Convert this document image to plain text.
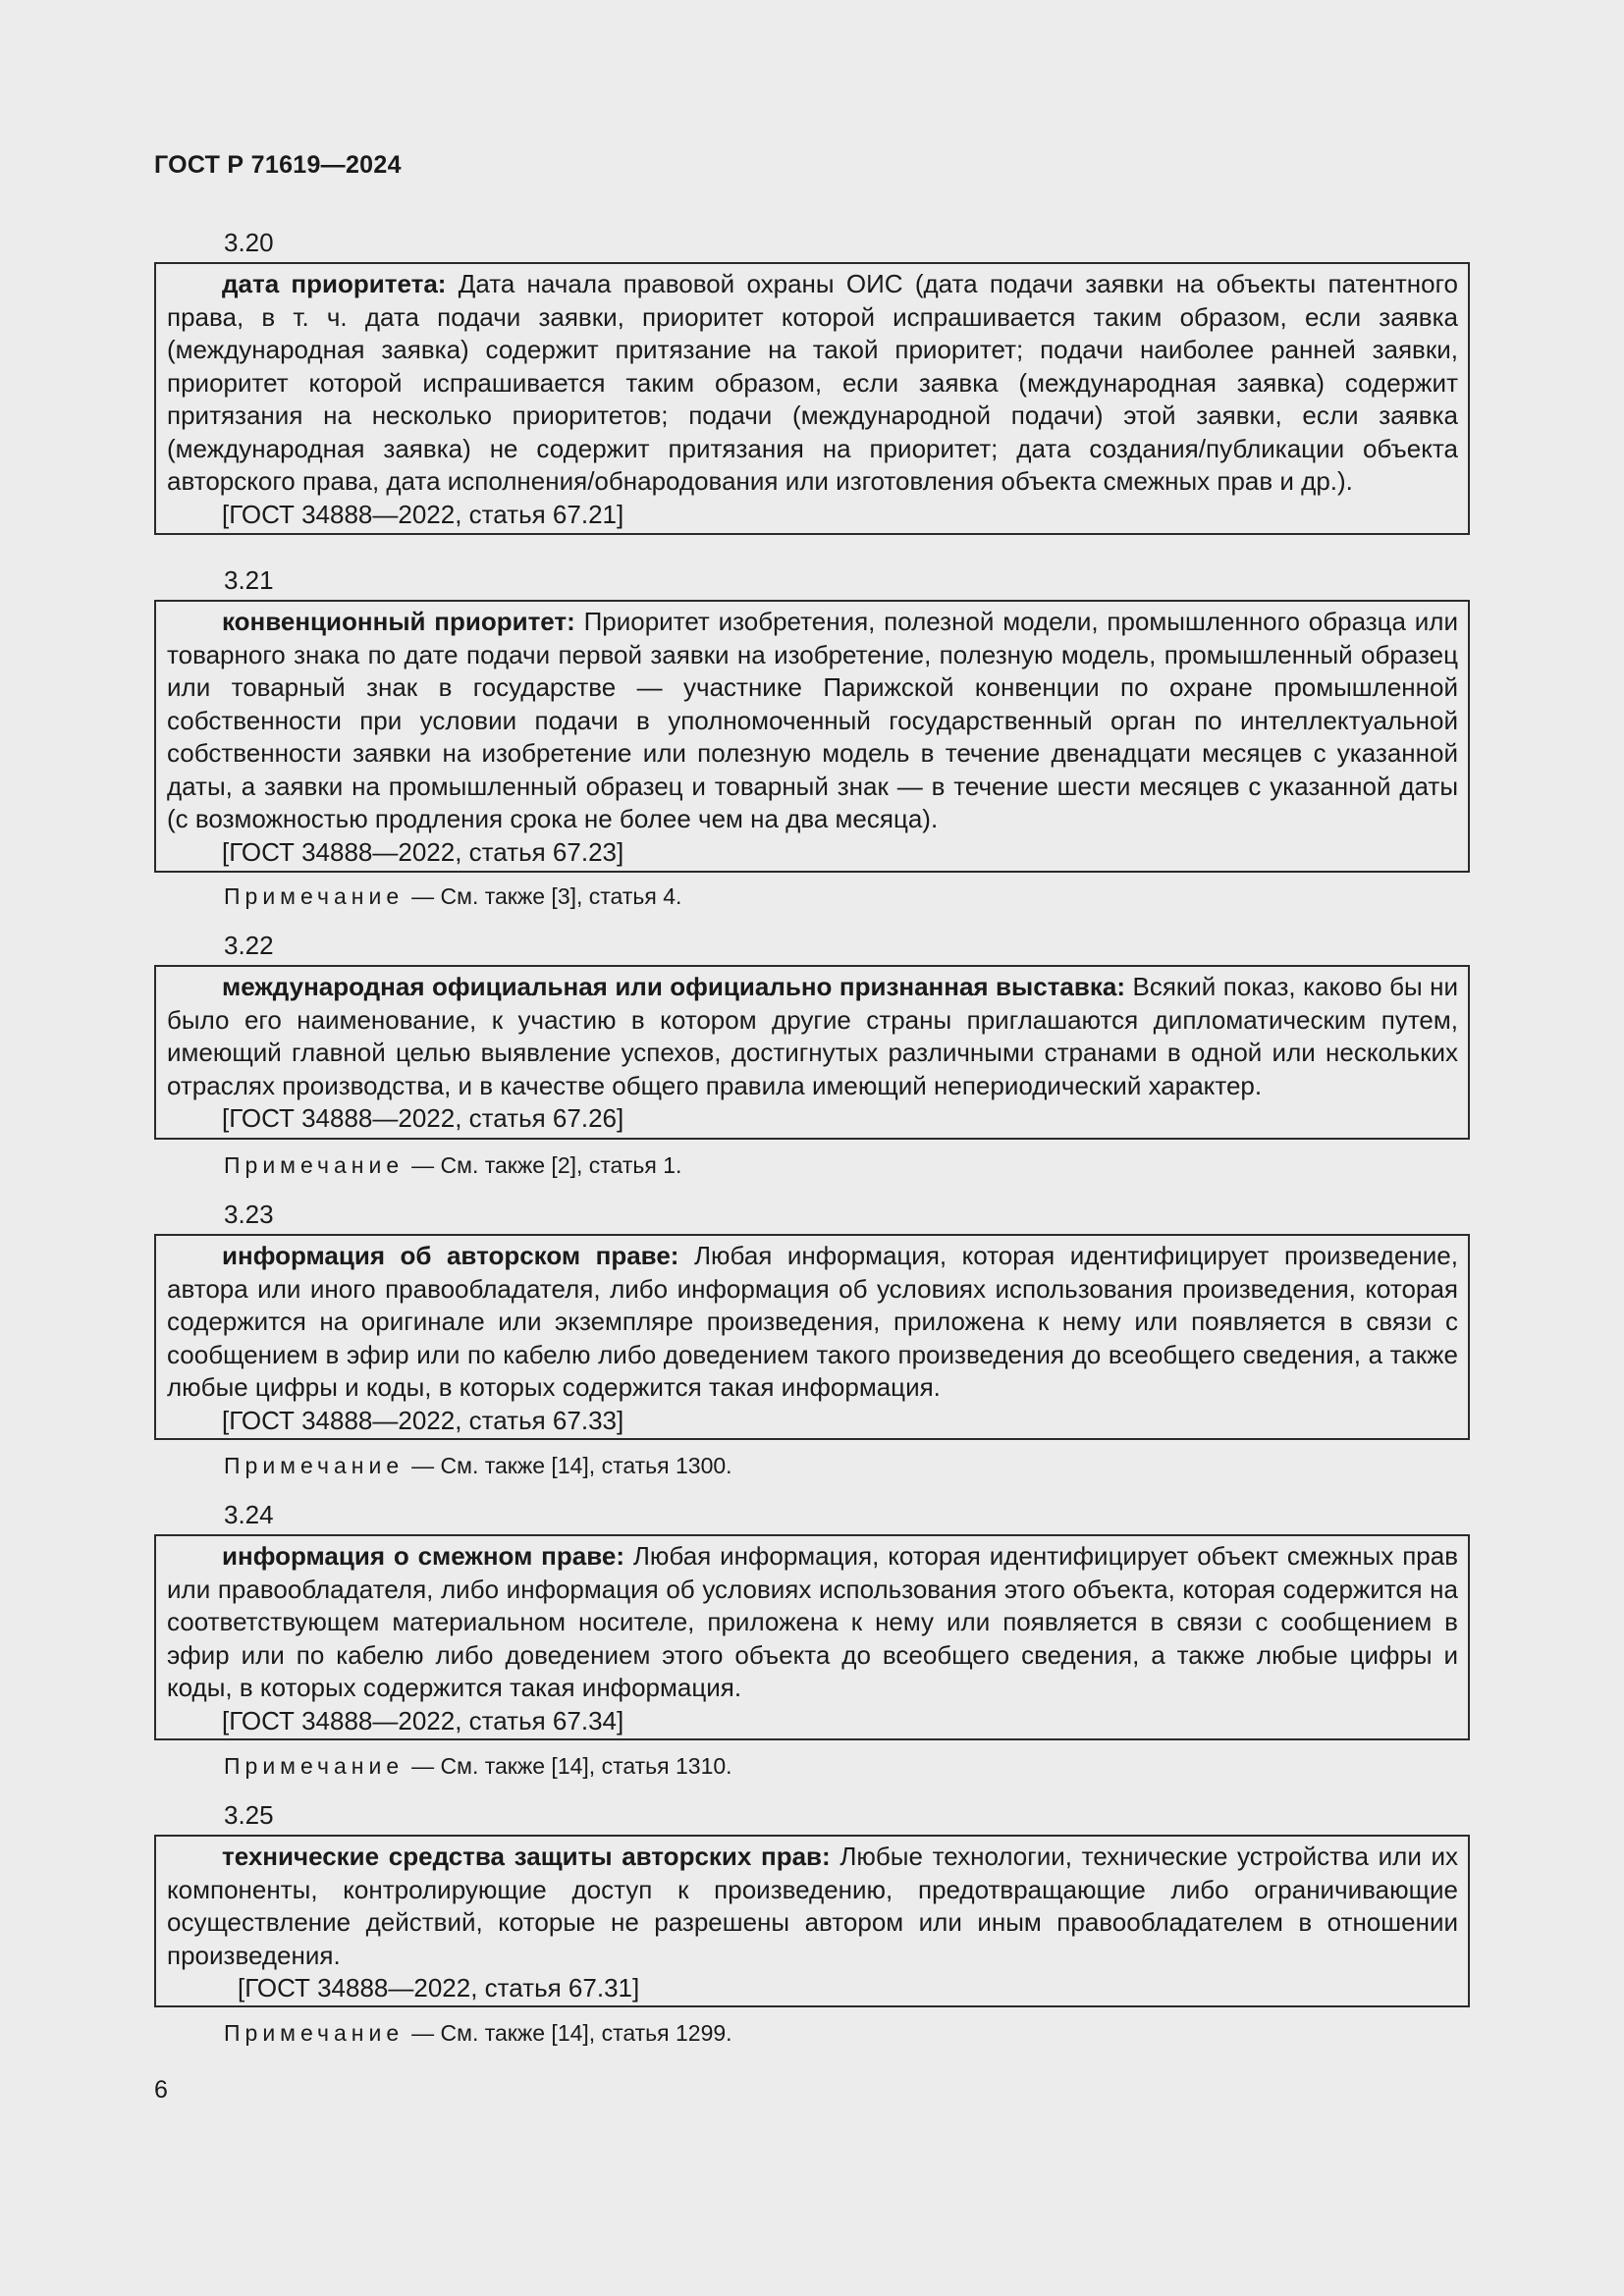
ГОСТ Р 71619—2024
3.20

дата приоритета: Дата начала правовой охраны ОИС (дата подачи заявки на объекты патентного права, в т. ч. дата подачи заявки, приоритет которой испрашивается таким образом, если заявка (международная заявка) содержит притязание на такой приоритет; подачи наиболее ранней заявки, приоритет которой испрашивается таким образом, если заявка (международная заявка) содержит притязания на несколько приоритетов; подачи (международной подачи) этой заявки, если заявка (международная заявка) не содержит притязания на приоритет; дата создания/публикации объекта авторского права, дата исполнения/обнародования или изготовления объекта смежных прав и др.).

[ГОСТ 34888—2022, статья 67.21]

3.21

конвенционный приоритет: Приоритет изобретения, полезной модели, промышленного образца или товарного знака по дате подачи первой заявки на изобретение, полезную модель, промышленный образец или товарный знак в государстве — участнике Парижской конвенции по охране промышленной собственности при условии подачи в уполномоченный государственный орган по интеллектуальной собственности заявки на изобретение или полезную модель в течение двенадцати месяцев с указанной даты, а заявки на промышленный образец и товарный знак — в течение шести месяцев с указанной даты (с возможностью продления срока не более чем на два месяца).

[ГОСТ 34888—2022, статья 67.23]

Примечание — См. также [3], статья 4.
3.22

международная официальная или официально признанная выставка: Всякий показ, каково бы ни было его наименование, к участию в котором другие страны приглашаются дипломатическим путем, имеющий главной целью выявление успехов, достигнутых различными странами в одной или нескольких отраслях производства, и в качестве общего правила имеющий непериодический характер.

[ГОСТ 34888—2022, статья 67.26]

Примечание — См. также [2], статья 1.
3.23

информация об авторском праве: Любая информация, которая идентифицирует произведение, автора или иного правообладателя, либо информация об условиях использования произведения, которая содержится на оригинале или экземпляре произведения, приложена к нему или появляется в связи с сообщением в эфир или по кабелю либо доведением такого произведения до всеобщего сведения, а также любые цифры и коды, в которых содержится такая информация.

[ГОСТ 34888—2022, статья 67.33]

Примечание — См. также [14], статья 1300.
3.24

информация о смежном праве: Любая информация, которая идентифицирует объект смежных прав или правообладателя, либо информация об условиях использования этого объекта, которая содержится на соответствующем материальном носителе, приложена к нему или появляется в связи с сообщением в эфир или по кабелю либо доведением этого объекта до всеобщего сведения, а также любые цифры и коды, в которых содержится такая информация.

[ГОСТ 34888—2022, статья 67.34]

Примечание — См. также [14], статья 1310.
3.25

технические средства защиты авторских прав: Любые технологии, технические устройства или их компоненты, контролирующие доступ к произведению, предотвращающие либо ограничивающие осуществление действий, которые не разрешены автором или иным правообладателем в отношении произведения.

[ГОСТ 34888—2022, статья 67.31]

Примечание — См. также [14], статья 1299.
6
